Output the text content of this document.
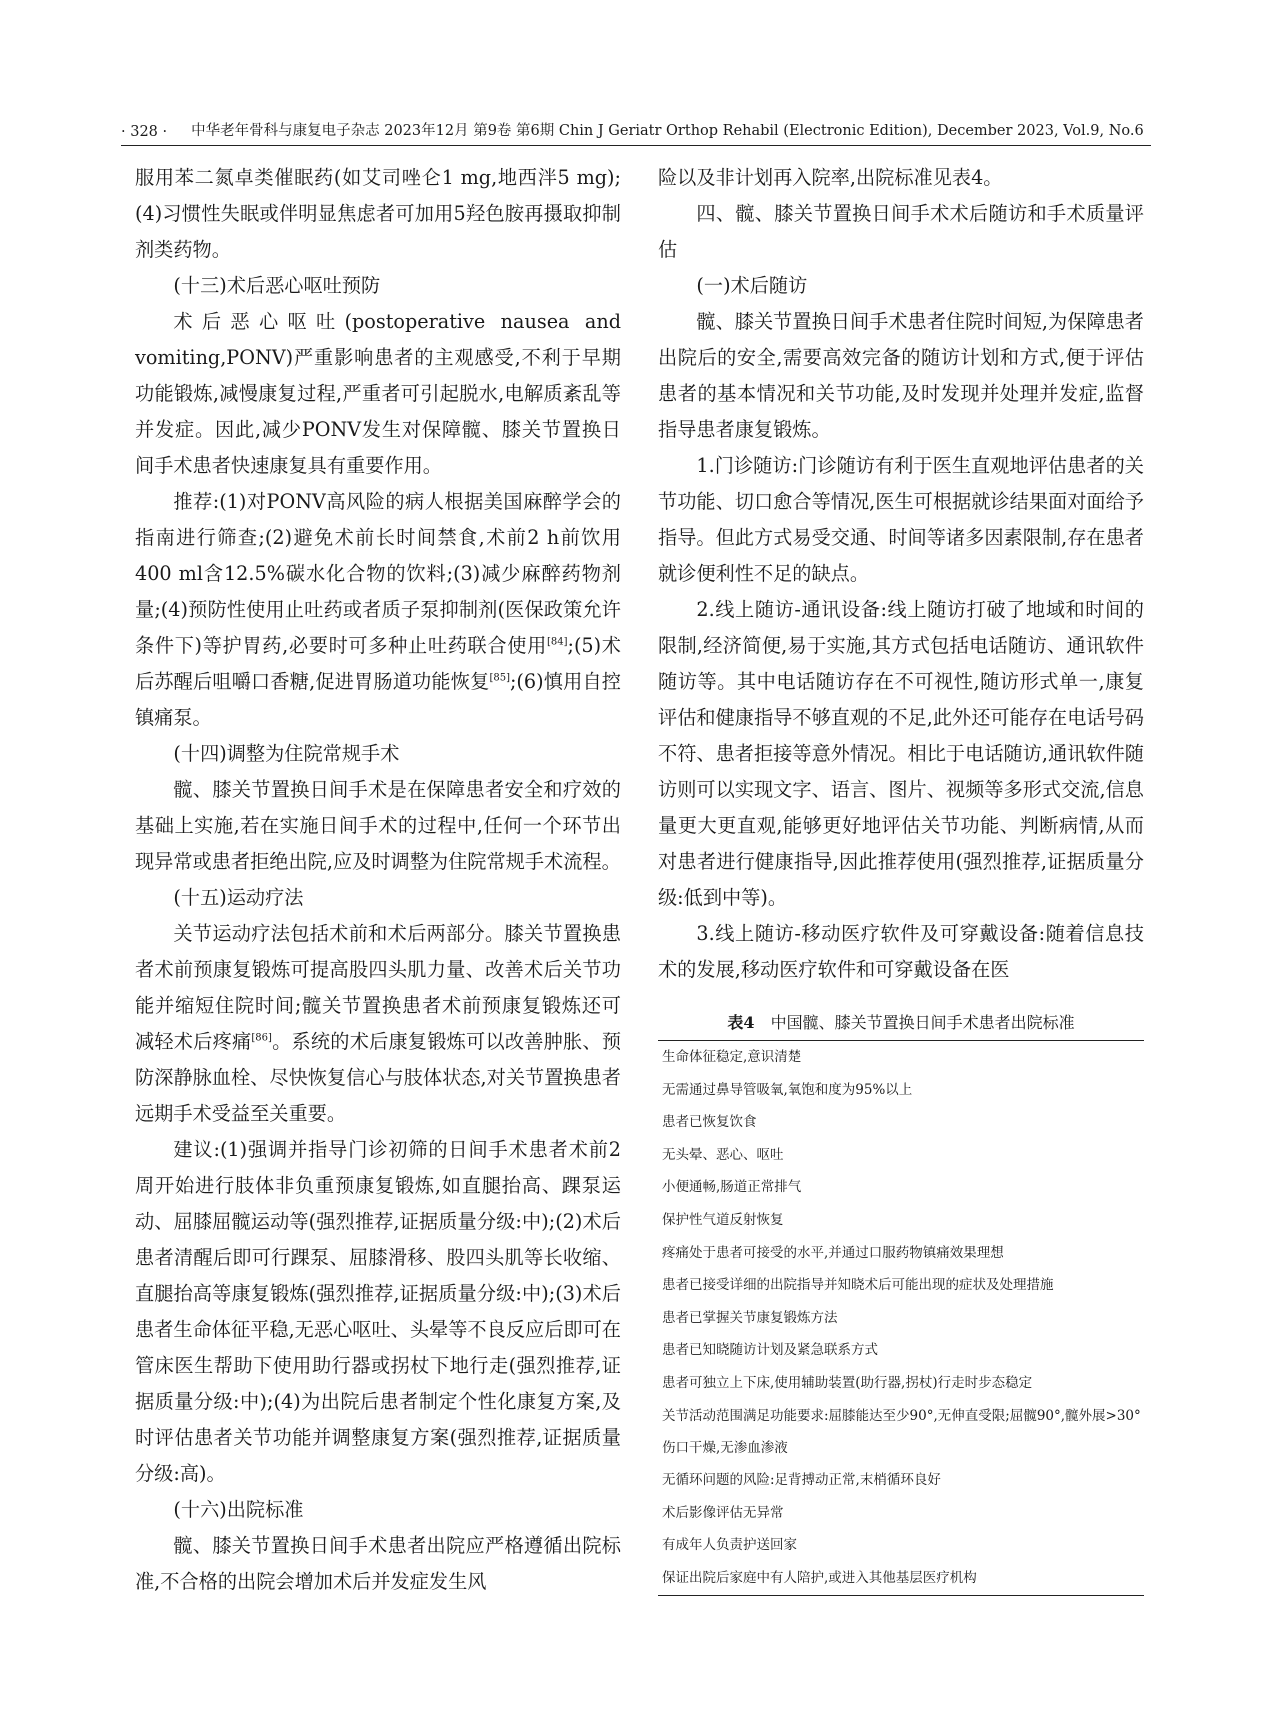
· 328 · 中华老年骨科与康复电子杂志 2023年12月 第9卷 第6期 Chin J Geriatr Orthop Rehabil (Electronic Edition), December 2023, Vol.9, No.6

服用苯二氮卓类催眠药(如艾司唑仑1 mg,地西泮5 mg);(4)习惯性失眠或伴明显焦虑者可加用5羟色胺再摄取抑制剂类药物。

(十三)术后恶心呕吐预防

术后恶心呕吐(postoperative nausea and vomiting,PONV)严重影响患者的主观感受,不利于早期功能锻炼,减慢康复过程,严重者可引起脱水,电解质紊乱等并发症。因此,减少PONV发生对保障髋、膝关节置换日间手术患者快速康复具有重要作用。

推荐:(1)对PONV高风险的病人根据美国麻醉学会的指南进行筛查;(2)避免术前长时间禁食,术前2 h前饮用400 ml含12.5%碳水化合物的饮料;(3)减少麻醉药物剂量;(4)预防性使用止吐药或者质子泵抑制剂(医保政策允许条件下)等护胃药,必要时可多种止吐药联合使用[84];(5)术后苏醒后咀嚼口香糖,促进胃肠道功能恢复[85];(6)慎用自控镇痛泵。

(十四)调整为住院常规手术

髋、膝关节置换日间手术是在保障患者安全和疗效的基础上实施,若在实施日间手术的过程中,任何一个环节出现异常或患者拒绝出院,应及时调整为住院常规手术流程。

(十五)运动疗法

关节运动疗法包括术前和术后两部分。膝关节置换患者术前预康复锻炼可提高股四头肌力量、改善术后关节功能并缩短住院时间;髋关节置换患者术前预康复锻炼还可减轻术后疼痛[86]。系统的术后康复锻炼可以改善肿胀、预防深静脉血栓、尽快恢复信心与肢体状态,对关节置换患者远期手术受益至关重要。

建议:(1)强调并指导门诊初筛的日间手术患者术前2周开始进行肢体非负重预康复锻炼,如直腿抬高、踝泵运动、屈膝屈髋运动等(强烈推荐,证据质量分级:中);(2)术后患者清醒后即可行踝泵、屈膝滑移、股四头肌等长收缩、直腿抬高等康复锻炼(强烈推荐,证据质量分级:中);(3)术后患者生命体征平稳,无恶心呕吐、头晕等不良反应后即可在管床医生帮助下使用助行器或拐杖下地行走(强烈推荐,证据质量分级:中);(4)为出院后患者制定个性化康复方案,及时评估患者关节功能并调整康复方案(强烈推荐,证据质量分级:高)。

(十六)出院标准

髋、膝关节置换日间手术患者出院应严格遵循出院标准,不合格的出院会增加术后并发症发生风

险以及非计划再入院率,出院标准见表4。

四、髋、膝关节置换日间手术术后随访和手术质量评估

(一)术后随访

髋、膝关节置换日间手术患者住院时间短,为保障患者出院后的安全,需要高效完备的随访计划和方式,便于评估患者的基本情况和关节功能,及时发现并处理并发症,监督指导患者康复锻炼。

1.门诊随访:门诊随访有利于医生直观地评估患者的关节功能、切口愈合等情况,医生可根据就诊结果面对面给予指导。但此方式易受交通、时间等诸多因素限制,存在患者就诊便利性不足的缺点。

2.线上随访-通讯设备:线上随访打破了地域和时间的限制,经济简便,易于实施,其方式包括电话随访、通讯软件随访等。其中电话随访存在不可视性,随访形式单一,康复评估和健康指导不够直观的不足,此外还可能存在电话号码不符、患者拒接等意外情况。相比于电话随访,通讯软件随访则可以实现文字、语言、图片、视频等多形式交流,信息量更大更直观,能够更好地评估关节功能、判断病情,从而对患者进行健康指导,因此推荐使用(强烈推荐,证据质量分级:低到中等)。

3.线上随访-移动医疗软件及可穿戴设备:随着信息技术的发展,移动医疗软件和可穿戴设备在医

表4 中国髋、膝关节置换日间手术患者出院标准
生命体征稳定,意识清楚
无需通过鼻导管吸氧,氧饱和度为95%以上
患者已恢复饮食
无头晕、恶心、呕吐
小便通畅,肠道正常排气
保护性气道反射恢复
疼痛处于患者可接受的水平,并通过口服药物镇痛效果理想
患者已接受详细的出院指导并知晓术后可能出现的症状及处理措施
患者已掌握关节康复锻炼方法
患者已知晓随访计划及紧急联系方式
患者可独立上下床,使用辅助装置(助行器,拐杖)行走时步态稳定
关节活动范围满足功能要求:屈膝能达至少90°,无伸直受限;屈髋90°,髋外展>30°
伤口干燥,无渗血渗液
无循环问题的风险:足背搏动正常,末梢循环良好
术后影像评估无异常
有成年人负责护送回家
保证出院后家庭中有人陪护,或进入其他基层医疗机构
